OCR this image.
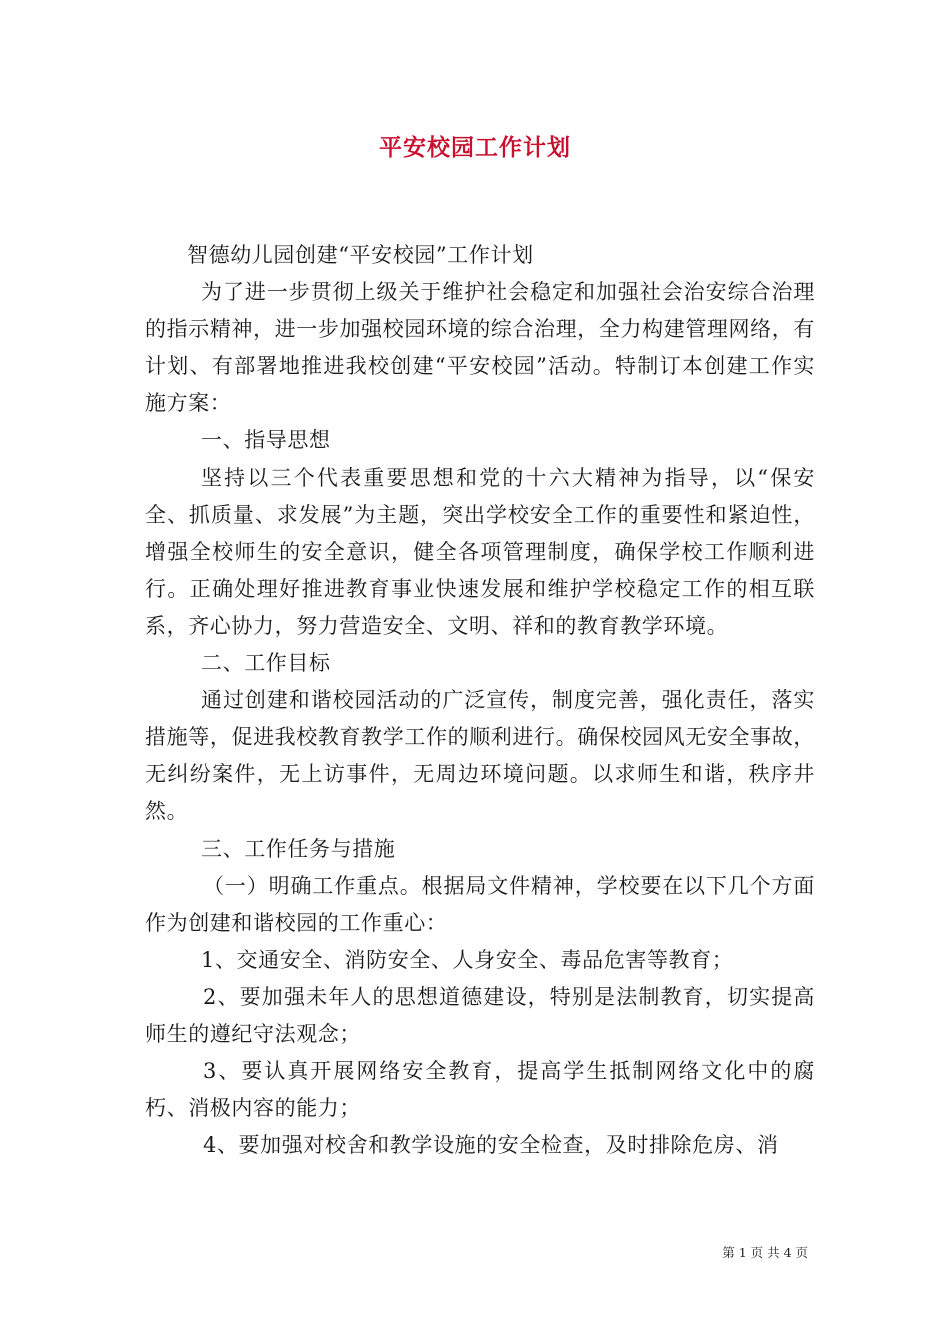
平安校园工作计划

智德幼儿园创建“平安校园”工作计划

为了进一步贯彻上级关于维护社会稳定和加强社会治安综合治理的指示精神，进一步加强校园环境的综合治理，全力构建管理网络，有计划、有部署地推进我校创建“平安校园”活动。特制订本创建工作实施方案：

一、指导思想

坚持以三个代表重要思想和党的十六大精神为指导，以“保安全、抓质量、求发展”为主题，突出学校安全工作的重要性和紧迫性，增强全校师生的安全意识，健全各项管理制度，确保学校工作顺利进行。正确处理好推进教育事业快速发展和维护学校稳定工作的相互联系，齐心协力，努力营造安全、文明、祥和的教育教学环境。

二、工作目标

通过创建和谐校园活动的广泛宣传，制度完善，强化责任，落实措施等，促进我校教育教学工作的顺利进行。确保校园风无安全事故，无纠纷案件，无上访事件，无周边环境问题。以求师生和谐，秩序井然。

三、工作任务与措施

（一）明确工作重点。根据局文件精神，学校要在以下几个方面作为创建和谐校园的工作重心：

1、交通安全、消防安全、人身安全、毒品危害等教育；

2、要加强未年人的思想道德建设，特别是法制教育，切实提高师生的遵纪守法观念；

3、要认真开展网络安全教育，提高学生抵制网络文化中的腐朽、消极内容的能力；

4、要加强对校舍和教学设施的安全检查，及时排除危房、消

第 1 页 共 4 页
